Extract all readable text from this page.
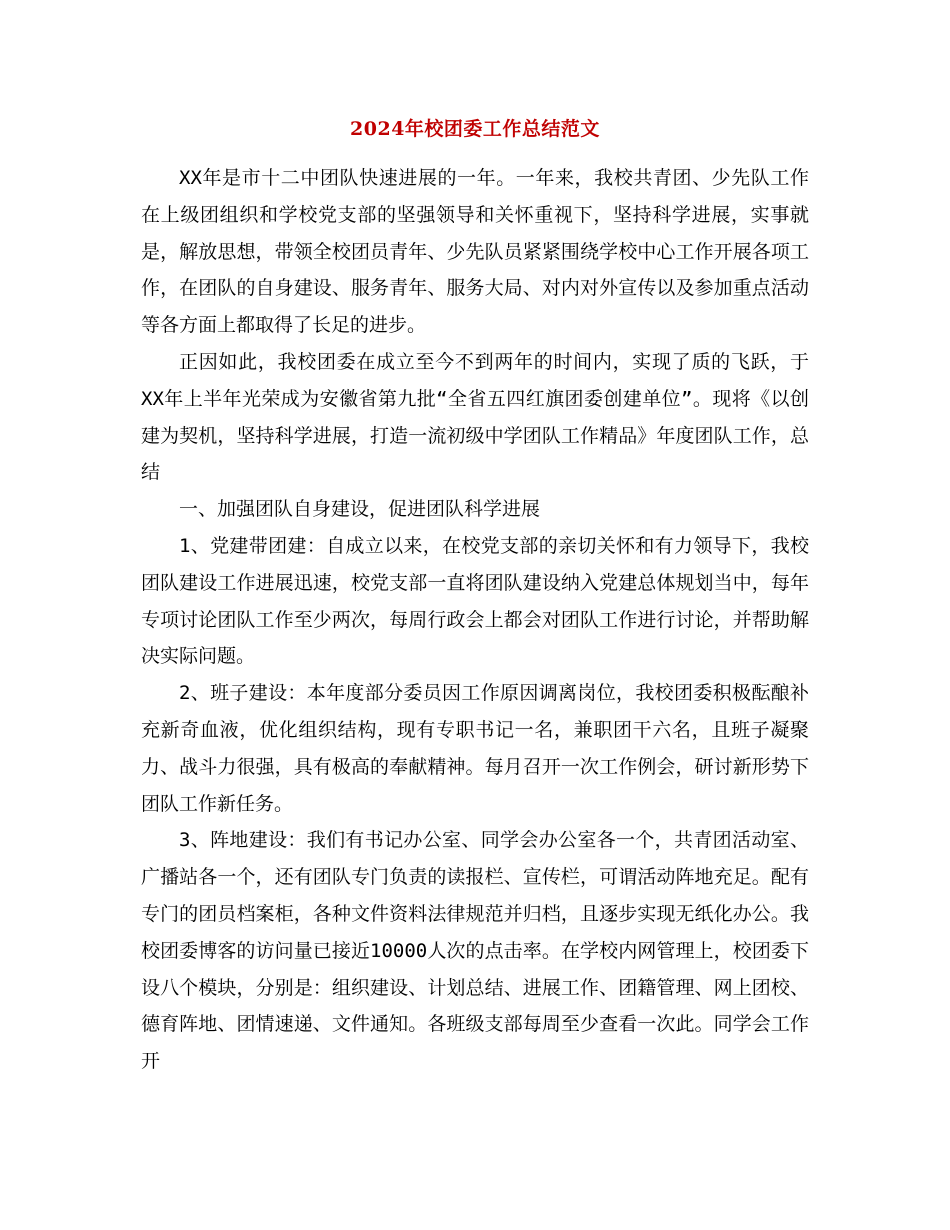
2024年校团委工作总结范文

XX年是市十二中团队快速进展的一年。一年来，我校共青团、少先队工作在上级团组织和学校党支部的坚强领导和关怀重视下，坚持科学进展，实事就是，解放思想，带领全校团员青年、少先队员紧紧围绕学校中心工作开展各项工作，在团队的自身建设、服务青年、服务大局、对内对外宣传以及参加重点活动等各方面上都取得了长足的进步。

正因如此，我校团委在成立至今不到两年的时间内，实现了质的飞跃，于XX年上半年光荣成为安徽省第九批“全省五四红旗团委创建单位”。现将《以创建为契机，坚持科学进展，打造一流初级中学团队工作精品》年度团队工作，总结

一、加强团队自身建设，促进团队科学进展

1、党建带团建：自成立以来，在校党支部的亲切关怀和有力领导下，我校团队建设工作进展迅速，校党支部一直将团队建设纳入党建总体规划当中，每年专项讨论团队工作至少两次，每周行政会上都会对团队工作进行讨论，并帮助解决实际问题。

2、班子建设：本年度部分委员因工作原因调离岗位，我校团委积极酝酿补充新奇血液，优化组织结构，现有专职书记一名，兼职团干六名，且班子凝聚力、战斗力很强，具有极高的奉献精神。每月召开一次工作例会，研讨新形势下团队工作新任务。

3、阵地建设：我们有书记办公室、同学会办公室各一个，共青团活动室、广播站各一个，还有团队专门负责的读报栏、宣传栏，可谓活动阵地充足。配有专门的团员档案柜，各种文件资料法律规范并归档，且逐步实现无纸化办公。我校团委博客的访问量已接近10000人次的点击率。在学校内网管理上，校团委下设八个模块，分别是：组织建设、计划总结、进展工作、团籍管理、网上团校、德育阵地、团情速递、文件通知。各班级支部每周至少查看一次此。同学会工作开
